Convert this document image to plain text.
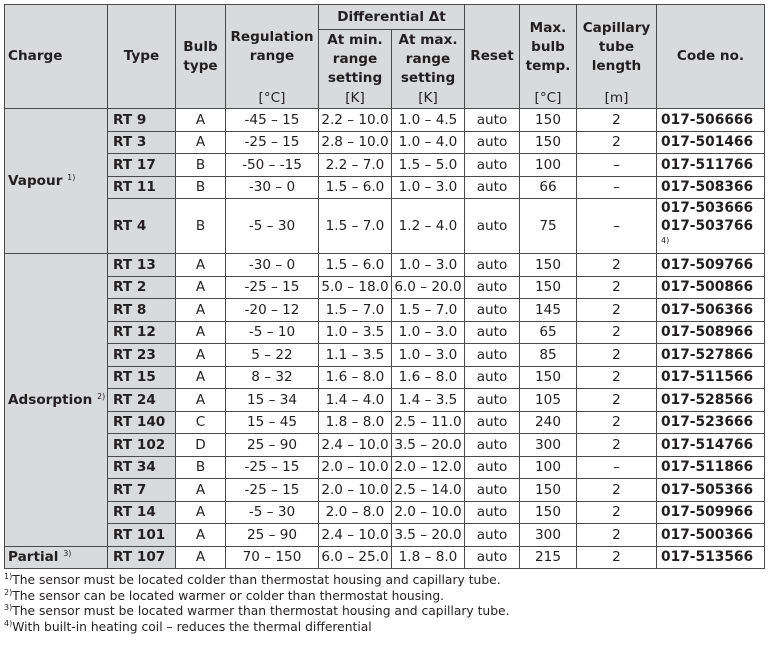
Charge	Type	Bulb type	Regulation range	Differential Δt		Reset	Max. bulb temp.	Capillary tube length	Code no.
				At min. range setting	At max. range setting				
			[°C]	[K]	[K]		[°C]	[m]	
Vapour $^{1)}$	RT 9	A	-45 – 15	2.2 – 10.0	1.0 – 4.5	auto	150	2	017-506666
	RT 3	A	-25 – 15	2.8 – 10.0	1.0 – 4.0	auto	150	2	017-501466
	RT 17	B	-50 – -15	2.2 – 7.0	1.5 – 5.0	auto	100	–	017-511766
	RT 11	B	-30 – 0	1.5 – 6.0	1.0 – 3.0	auto	66	–	017-508366
	RT 4	B	-5 – 30	1.5 – 7.0	1.2 – 4.0	auto	75	–	017-503666
017-503766 $^{4)}$

Adsorption $^{2)}$	RT 13	A	-30 – 0	1.5 – 6.0	1.0 – 3.0	auto	150	2	017-509766
	RT 2	A	-25 – 15	5.0 – 18.0	6.0 – 20.0	auto	150	2	017-500866
	RT 8	A	-20 – 12	1.5 – 7.0	1.5 – 7.0	auto	145	2	017-506366
	RT 12	A	-5 – 10	1.0 – 3.5	1.0 – 3.0	auto	65	2	017-508966
	RT 23	A	5 – 22	1.1 – 3.5	1.0 – 3.0	auto	85	2	017-527866
	RT 15	A	8 – 32	1.6 – 8.0	1.6 – 8.0	auto	150	2	017-511566
	RT 24	A	15 – 34	1.4 – 4.0	1.4 – 3.5	auto	105	2	017-528566
	RT 140	C	15 – 45	1.8 – 8.0	2.5 – 11.0	auto	240	2	017-523666
	RT 102	D	25 – 90	2.4 – 10.0	3.5 – 20.0	auto	300	2	017-514766
	RT 34	B	-25 – 15	2.0 – 10.0	2.0 – 12.0	auto	100	–	017-511866
	RT 7	A	-25 – 15	2.0 – 10.0	2.5 – 14.0	auto	150	2	017-505366
	RT 14	A	-5 – 30	2.0 – 8.0	2.0 – 10.0	auto	150	2	017-509966
	RT 101	A	25 – 90	2.4 – 10.0	3.5 – 20.0	auto	300	2	017-500366
Partial $^{3)}$	RT 107	A	70 – 150	6.0 – 25.0	1.8 – 8.0	auto	215	2	017-513566
$^{1)}$The sensor must be located colder than thermostat housing and capillary tube.
$^{2)}$The sensor can be located warmer or colder than thermostat housing.
$^{3)}$The sensor must be located warmer than thermostat housing and capillary tube.
$^{4)}$With built-in heating coil – reduces the thermal differential
